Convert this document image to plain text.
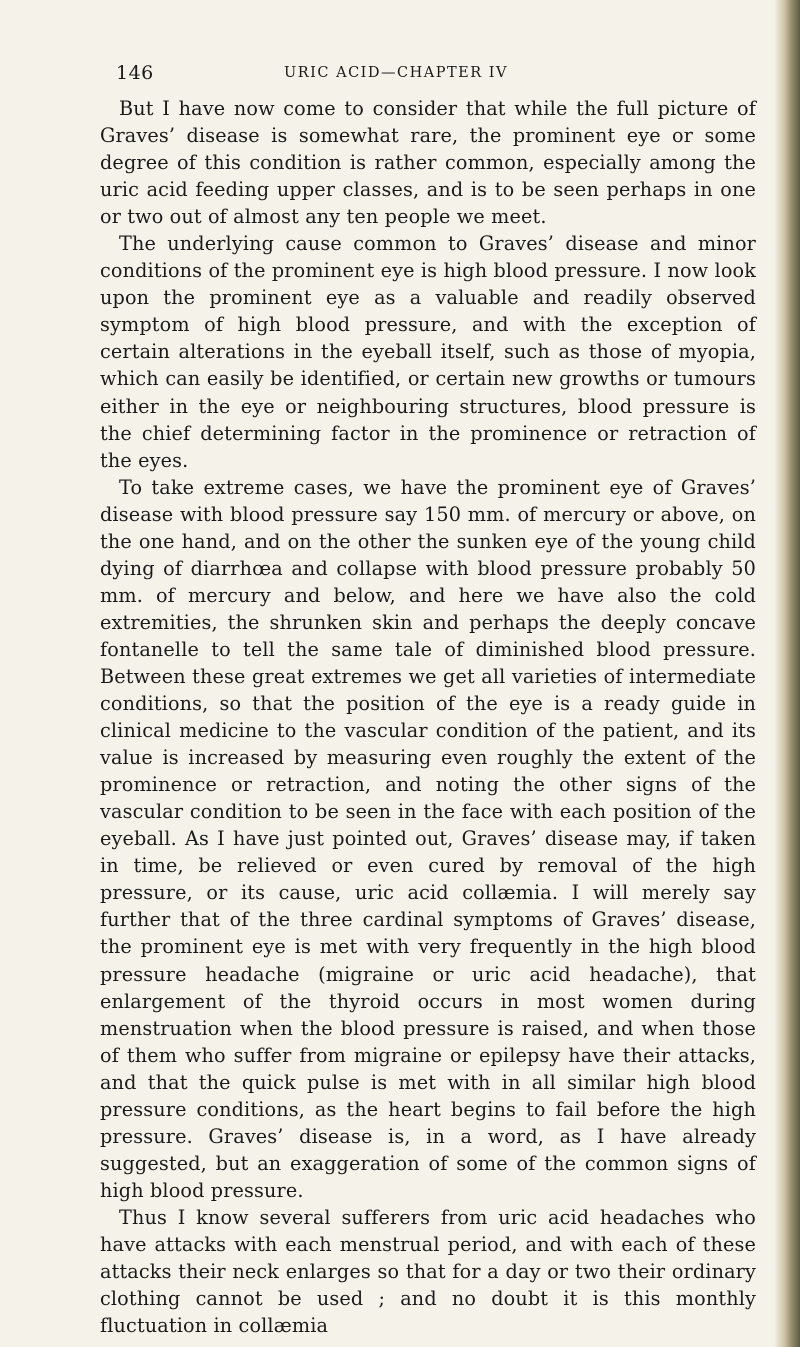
146	URIC ACID—CHAPTER IV

But I have now come to consider that while the full picture of Graves’ disease is somewhat rare, the prominent eye or some degree of this condition is rather common, especially among the uric acid feeding upper classes, and is to be seen perhaps in one or two out of almost any ten people we meet.

The underlying cause common to Graves’ disease and minor conditions of the prominent eye is high blood pressure. I now look upon the prominent eye as a valuable and readily observed symptom of high blood pressure, and with the exception of certain alterations in the eyeball itself, such as those of myopia, which can easily be identified, or certain new growths or tumours either in the eye or neighbouring structures, blood pressure is the chief determining factor in the prominence or retraction of the eyes.

To take extreme cases, we have the prominent eye of Graves’ disease with blood pressure say 150 mm. of mercury or above, on the one hand, and on the other the sunken eye of the young child dying of diarrhœa and collapse with blood pressure probably 50 mm. of mercury and below, and here we have also the cold extremities, the shrunken skin and perhaps the deeply concave fontanelle to tell the same tale of diminished blood pressure. Between these great extremes we get all varieties of intermediate conditions, so that the position of the eye is a ready guide in clinical medicine to the vascular condition of the patient, and its value is increased by measuring even roughly the extent of the prominence or retraction, and noting the other signs of the vascular condition to be seen in the face with each position of the eyeball. As I have just pointed out, Graves’ disease may, if taken in time, be relieved or even cured by removal of the high pressure, or its cause, uric acid collæmia. I will merely say further that of the three cardinal symptoms of Graves’ disease, the prominent eye is met with very frequently in the high blood pressure headache (migraine or uric acid headache), that enlargement of the thyroid occurs in most women during menstruation when the blood pressure is raised, and when those of them who suffer from migraine or epilepsy have their attacks, and that the quick pulse is met with in all similar high blood pressure conditions, as the heart begins to fail before the high pressure. Graves’ disease is, in a word, as I have already suggested, but an exaggeration of some of the common signs of high blood pressure.

Thus I know several sufferers from uric acid headaches who have attacks with each menstrual period, and with each of these attacks their neck enlarges so that for a day or two their ordinary clothing cannot be used ; and no doubt it is this monthly fluctuation in collæmia
